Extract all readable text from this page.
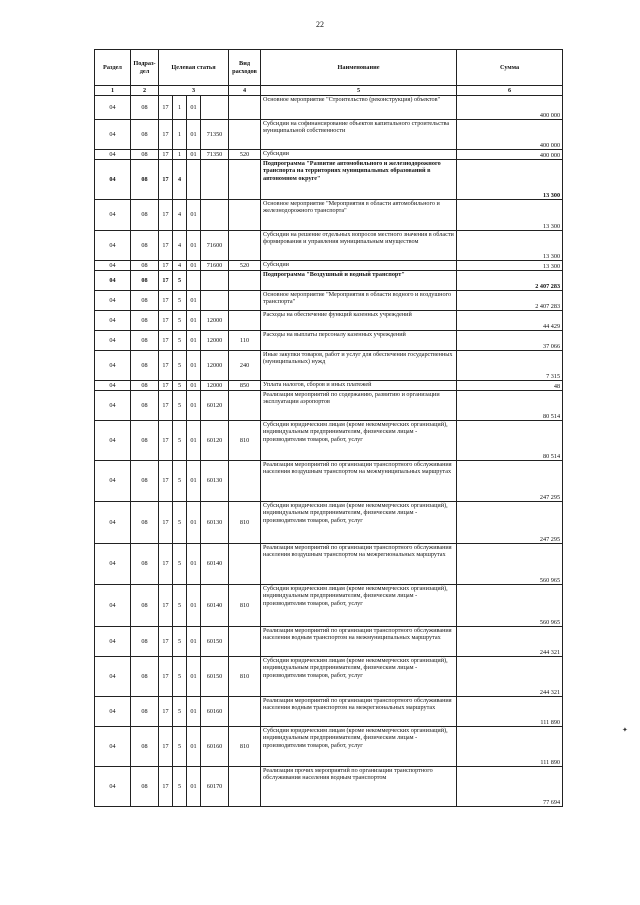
22
Раздел	Подраз-дел	Целевая статья				Вид расходов	Наименование	Сумма
1	2	3				4	5	6
04	08	17	1	01			Основное мероприятие "Строительство (реконструкция) объектов"	400 000
04	08	17	1	01	71350		Субсидии на софинансирование объектов капитального строительства муниципальной собственности	400 000
04	08	17	1	01	71350	520	Субсидии	400 000
04	08	17	4				Подпрограмма "Развитие автомобильного и железнодорожного транспорта на территориях муниципальных образований в автономном округе"	13 300
04	08	17	4	01			Основное мероприятие "Мероприятия в области автомобильного и железнодорожного транспорта"	13 300
04	08	17	4	01	71600		Субсидии на решение отдельных вопросов местного значения в области формирования и управления муниципальным имуществом	13 300
04	08	17	4	01	71600	520	Субсидии	13 300
04	08	17	5				Подпрограмма "Воздушный и водный транспорт"	2 407 283
04	08	17	5	01			Основное мероприятие "Мероприятия в области водного и воздушного транспорта"	2 407 283
04	08	17	5	01	12000		Расходы на обеспечение функций казенных учреждений	44 429
04	08	17	5	01	12000	110	Расходы на выплаты персоналу казенных учреждений	37 066
04	08	17	5	01	12000	240	Иные закупки товаров, работ и услуг для обеспечения государственных (муниципальных) нужд	7 315
04	08	17	5	01	12000	850	Уплата налогов, сборов и иных платежей	48
04	08	17	5	01	60120		Реализация мероприятий по содержанию, развитию и организации эксплуатации аэропортов	80 514
04	08	17	5	01	60120	810	Субсидии юридическим лицам (кроме некоммерческих организаций), индивидуальным предпринимателям, физическим лицам - производителям товаров, работ, услуг	80 514
04	08	17	5	01	60130		Реализация мероприятий по организации транспортного обслуживания населения воздушным транспортом на межмуниципальных маршрутах	247 295
04	08	17	5	01	60130	810	Субсидии юридическим лицам (кроме некоммерческих организаций), индивидуальным предпринимателям, физическим лицам - производителям товаров, работ, услуг	247 295
04	08	17	5	01	60140		Реализация мероприятий по организации транспортного обслуживания населения воздушным транспортом на межрегиональных маршрутах	560 965
04	08	17	5	01	60140	810	Субсидии юридическим лицам (кроме некоммерческих организаций), индивидуальным предпринимателям, физическим лицам - производителям товаров, работ, услуг	560 965
04	08	17	5	01	60150		Реализация мероприятий по организации транспортного обслуживания населения водным транспортом на межмуниципальных маршрутах	244 321
04	08	17	5	01	60150	810	Субсидии юридическим лицам (кроме некоммерческих организаций), индивидуальным предпринимателям, физическим лицам - производителям товаров, работ, услуг	244 321
04	08	17	5	01	60160		Реализация мероприятий по организации транспортного обслуживания населения водным транспортом на межрегиональных маршрутах	111 890
04	08	17	5	01	60160	810	Субсидии юридическим лицам (кроме некоммерческих организаций), индивидуальным предпринимателям, физическим лицам - производителям товаров, работ, услуг	111 890
04	08	17	5	01	60170		Реализация прочих мероприятий по организации транспортного обслуживания населения водным транспортом	77 694
✦
